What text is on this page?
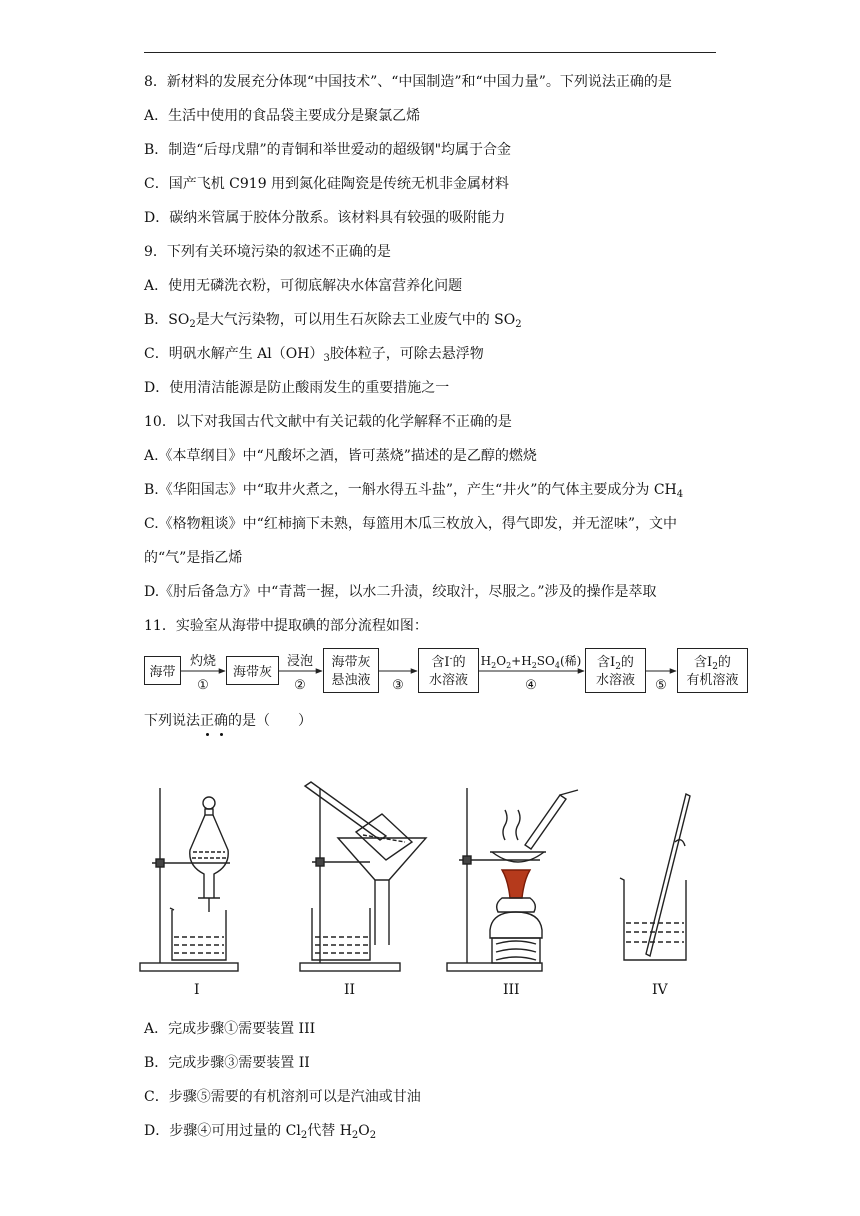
8．新材料的发展充分体现“中国技术”、“中国制造”和“中国力量”。下列说法正确的是
A．生活中使用的食品袋主要成分是聚氯乙烯
B．制造“后母戊鼎”的青铜和举世爱动的超级钢"均属于合金
C．国产飞机 C919 用到氮化硅陶瓷是传统无机非金属材料
D．碳纳米管属于胶体分散系。该材料具有较强的吸附能力
9．下列有关环境污染的叙述不正确的是
A．使用无磷洗衣粉，可彻底解决水体富营养化问题
B．$SO_2$是大气污染物，可以用生石灰除去工业废气中的 $SO_2$
C．明矾水解产生 $Al(OH)_3$胶体粒子，可除去悬浮物
D．使用清洁能源是防止酸雨发生的重要措施之一
10．以下对我国古代文献中有关记载的化学解释不正确的是
A.《本草纲目》中“凡酸坏之酒，皆可蒸烧”描述的是乙醇的燃烧
B.《华阳国志》中“取井火煮之，一斛水得五斗盐”，产生“井火”的气体主要成分为 $CH_4$
C.《格物粗谈》中“红柿摘下未熟，每篮用木瓜三枚放入，得气即发，并无涩味”，文中
的“气”是指乙烯
D.《肘后备急方》中“青蒿一握，以水二升渍，绞取汁，尽服之。”涉及的操作是萃取
11．实验室从海带中提取碘的部分流程如图：
海带
灼烧
①
海带灰
浸泡
②
海带灰
悬浊液 ③
含I-的
水溶液
$H_2O_2+H_2SO_4$(稀)
④
含$I_2$的
水溶液 ⑤
含$I_2$的
有机溶液
下列说法正
确
的是（　　）
I	II	III	IV
A．完成步骤①需要装置 III
B．完成步骤③需要装置 II
C．步骤⑤需要的有机溶剂可以是汽油或甘油
D．步骤④可用过量的 $Cl_2$代替 $H_2O_2$
